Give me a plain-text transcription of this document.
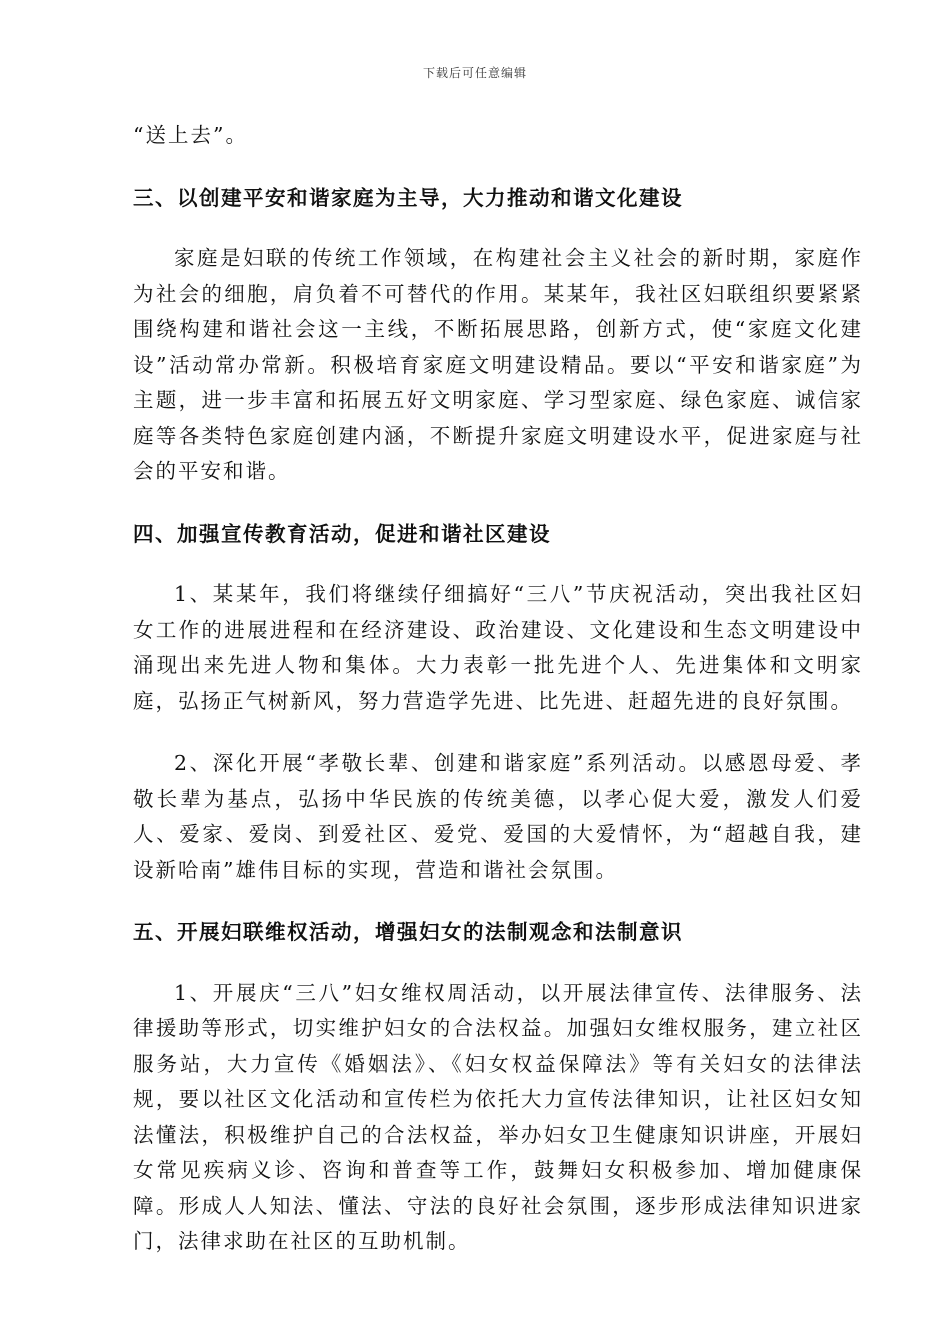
下载后可任意编辑

“送上去”。

三、以创建平安和谐家庭为主导，大力推动和谐文化建设

家庭是妇联的传统工作领域，在构建社会主义社会的新时期，家庭作为社会的细胞，肩负着不可替代的作用。某某年，我社区妇联组织要紧紧围绕构建和谐社会这一主线，不断拓展思路，创新方式，使“家庭文化建设”活动常办常新。积极培育家庭文明建设精品。要以“平安和谐家庭”为主题，进一步丰富和拓展五好文明家庭、学习型家庭、绿色家庭、诚信家庭等各类特色家庭创建内涵，不断提升家庭文明建设水平，促进家庭与社会的平安和谐。

四、加强宣传教育活动，促进和谐社区建设

1、某某年，我们将继续仔细搞好“三八”节庆祝活动，突出我社区妇女工作的进展进程和在经济建设、政治建设、文化建设和生态文明建设中涌现出来先进人物和集体。大力表彰一批先进个人、先进集体和文明家庭，弘扬正气树新风，努力营造学先进、比先进、赶超先进的良好氛围。

2、深化开展“孝敬长辈、创建和谐家庭”系列活动。以感恩母爱、孝敬长辈为基点，弘扬中华民族的传统美德，以孝心促大爱，激发人们爱人、爱家、爱岗、到爱社区、爱党、爱国的大爱情怀，为“超越自我，建设新哈南”雄伟目标的实现，营造和谐社会氛围。

五、开展妇联维权活动，增强妇女的法制观念和法制意识

1、开展庆“三八”妇女维权周活动，以开展法律宣传、法律服务、法律援助等形式，切实维护妇女的合法权益。加强妇女维权服务，建立社区服务站，大力宣传《婚姻法》、《妇女权益保障法》等有关妇女的法律法规，要以社区文化活动和宣传栏为依托大力宣传法律知识，让社区妇女知法懂法，积极维护自己的合法权益，举办妇女卫生健康知识讲座，开展妇女常见疾病义诊、咨询和普查等工作，鼓舞妇女积极参加、增加健康保障。形成人人知法、懂法、守法的良好社会氛围，逐步形成法律知识进家门，法律求助在社区的互助机制。
